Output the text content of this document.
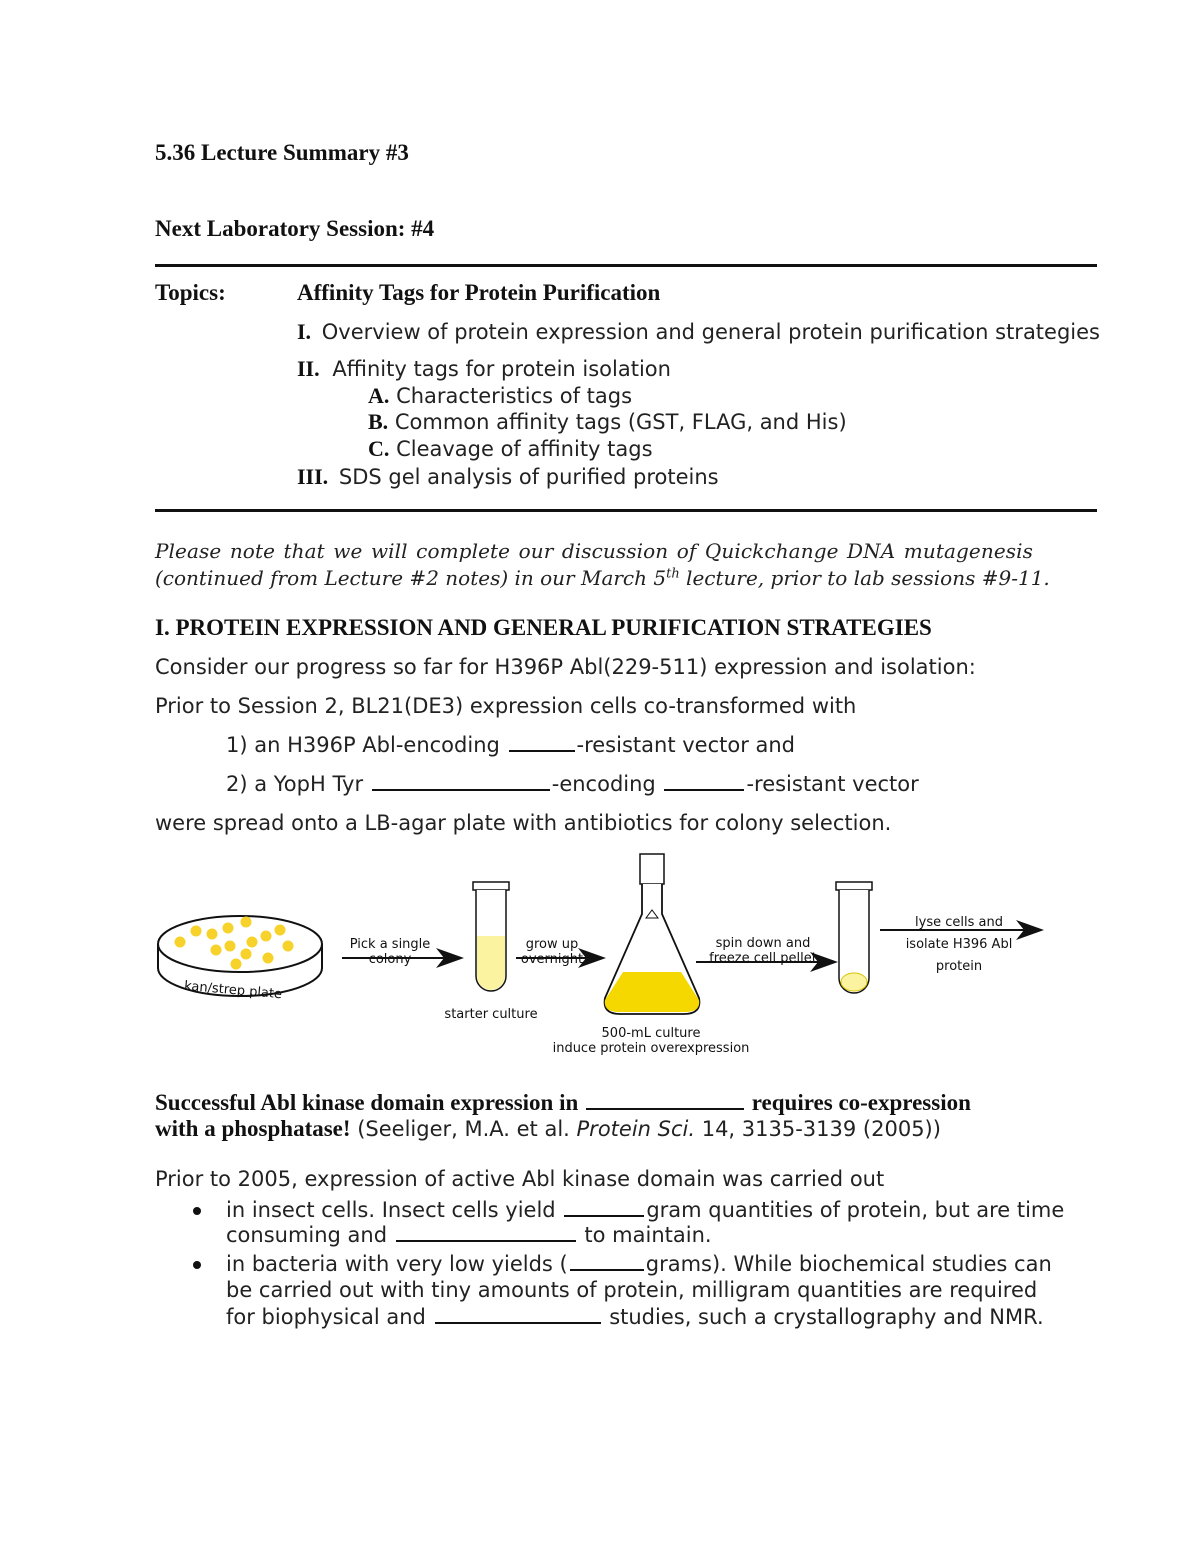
5.36 Lecture Summary #3
Next Laboratory Session: #4
Topics:	Affinity Tags for Protein Purification
I. Overview of protein expression and general protein purification strategies
II. Affinity tags for protein isolation
A. Characteristics of tags
B. Common affinity tags (GST, FLAG, and His)
C. Cleavage of affinity tags
III. SDS gel analysis of purified proteins
Please note that we will complete our discussion of Quickchange DNA mutagenesis
(continued from Lecture #2 notes) in our March 5th lecture, prior to lab sessions #9-11.
I. PROTEIN EXPRESSION AND GENERAL PURIFICATION STRATEGIES
Consider our progress so far for H396P Abl(229-511) expression and isolation:
Prior to Session 2, BL21(DE3) expression cells co-transformed with
1) an H396P Abl-encoding	-resistant vector and
2) a YopH Tyr	-encoding	-resistant vector
were spread onto a LB-agar plate with antibiotics for colony selection.
kan/strep plate
Pick a single
colony
starter culture
grow up
overnight
500-mL culture
induce protein overexpression
spin down and
freeze cell pellet
lyse cells and
isolate H396 Abl
protein
Successful Abl kinase domain expression in	requires co-expression
with a phosphatase! (Seeliger, M.A. et al. Protein Sci. 14, 3135-3139 (2005))
Prior to 2005, expression of active Abl kinase domain was carried out
in insect cells. Insect cells yield	gram quantities of protein, but are time
consuming and	to maintain.
in bacteria with very low yields (	grams). While biochemical studies can
be carried out with tiny amounts of protein, milligram quantities are required
for biophysical and	studies, such a crystallography and NMR.
